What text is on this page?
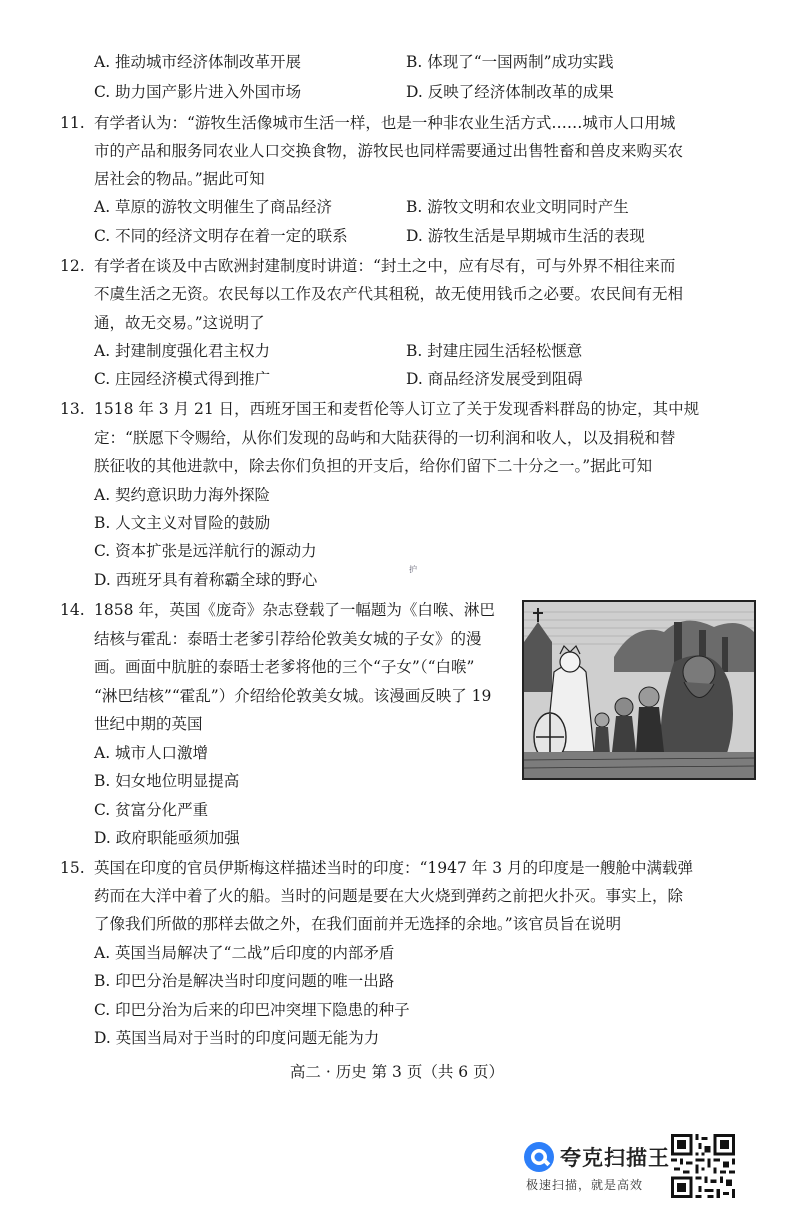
A. 推动城市经济体制改革开展	B. 体现了“一国两制”成功实践
C. 助力国产影片进入外国市场	D. 反映了经济体制改革的成果
11. 有学者认为：“游牧生活像城市生活一样，也是一种非农业生活方式……城市人口用城
市的产品和服务同农业人口交换食物，游牧民也同样需要通过出售牲畜和兽皮来购买农
居社会的物品。”据此可知
A. 草原的游牧文明催生了商品经济	B. 游牧文明和农业文明同时产生
C. 不同的经济文明存在着一定的联系	D. 游牧生活是早期城市生活的表现
12. 有学者在谈及中古欧洲封建制度时讲道：“封土之中，应有尽有，可与外界不相往来而
不虞生活之无资。农民每以工作及农产代其租税，故无使用钱币之必要。农民间有无相
通，故无交易。”这说明了
A. 封建制度强化君主权力	B. 封建庄园生活轻松惬意
C. 庄园经济模式得到推广	D. 商品经济发展受到阻碍
13. 1518 年 3 月 21 日，西班牙国王和麦哲伦等人订立了关于发现香料群岛的协定，其中规
定：“朕愿下令赐给，从你们发现的岛屿和大陆获得的一切利润和收人，以及捐税和替
朕征收的其他进款中，除去你们负担的开支后，给你们留下二十分之一。”据此可知
A. 契约意识助力海外探险
B. 人文主义对冒险的鼓励
C. 资本扩张是远洋航行的源动力
D. 西班牙具有着称霸全球的野心
护
14. 1858 年，英国《庞奇》杂志登载了一幅题为《白喉、淋巴
结核与霍乱：泰晤士老爹引荐给伦敦美女城的子女》的漫
画。画面中肮脏的泰晤士老爹将他的三个“子女”（“白喉”
“淋巴结核”“霍乱”）介绍给伦敦美女城。该漫画反映了 19
世纪中期的英国
A. 城市人口激增
B. 妇女地位明显提高
C. 贫富分化严重
D. 政府职能亟须加强
15. 英国在印度的官员伊斯梅这样描述当时的印度：“1947 年 3 月的印度是一艘舱中满载弹
药而在大洋中着了火的船。当时的问题是要在大火烧到弹药之前把火扑灭。事实上，除
了像我们所做的那样去做之外，在我们面前并无选择的余地。”该官员旨在说明
A. 英国当局解决了“二战”后印度的内部矛盾
B. 印巴分治是解决当时印度问题的唯一出路
C. 印巴分治为后来的印巴冲突埋下隐患的种子
D. 英国当局对于当时的印度问题无能为力
高二 · 历史 第 3 页（共 6 页）
夸克扫描王
极速扫描，就是高效
